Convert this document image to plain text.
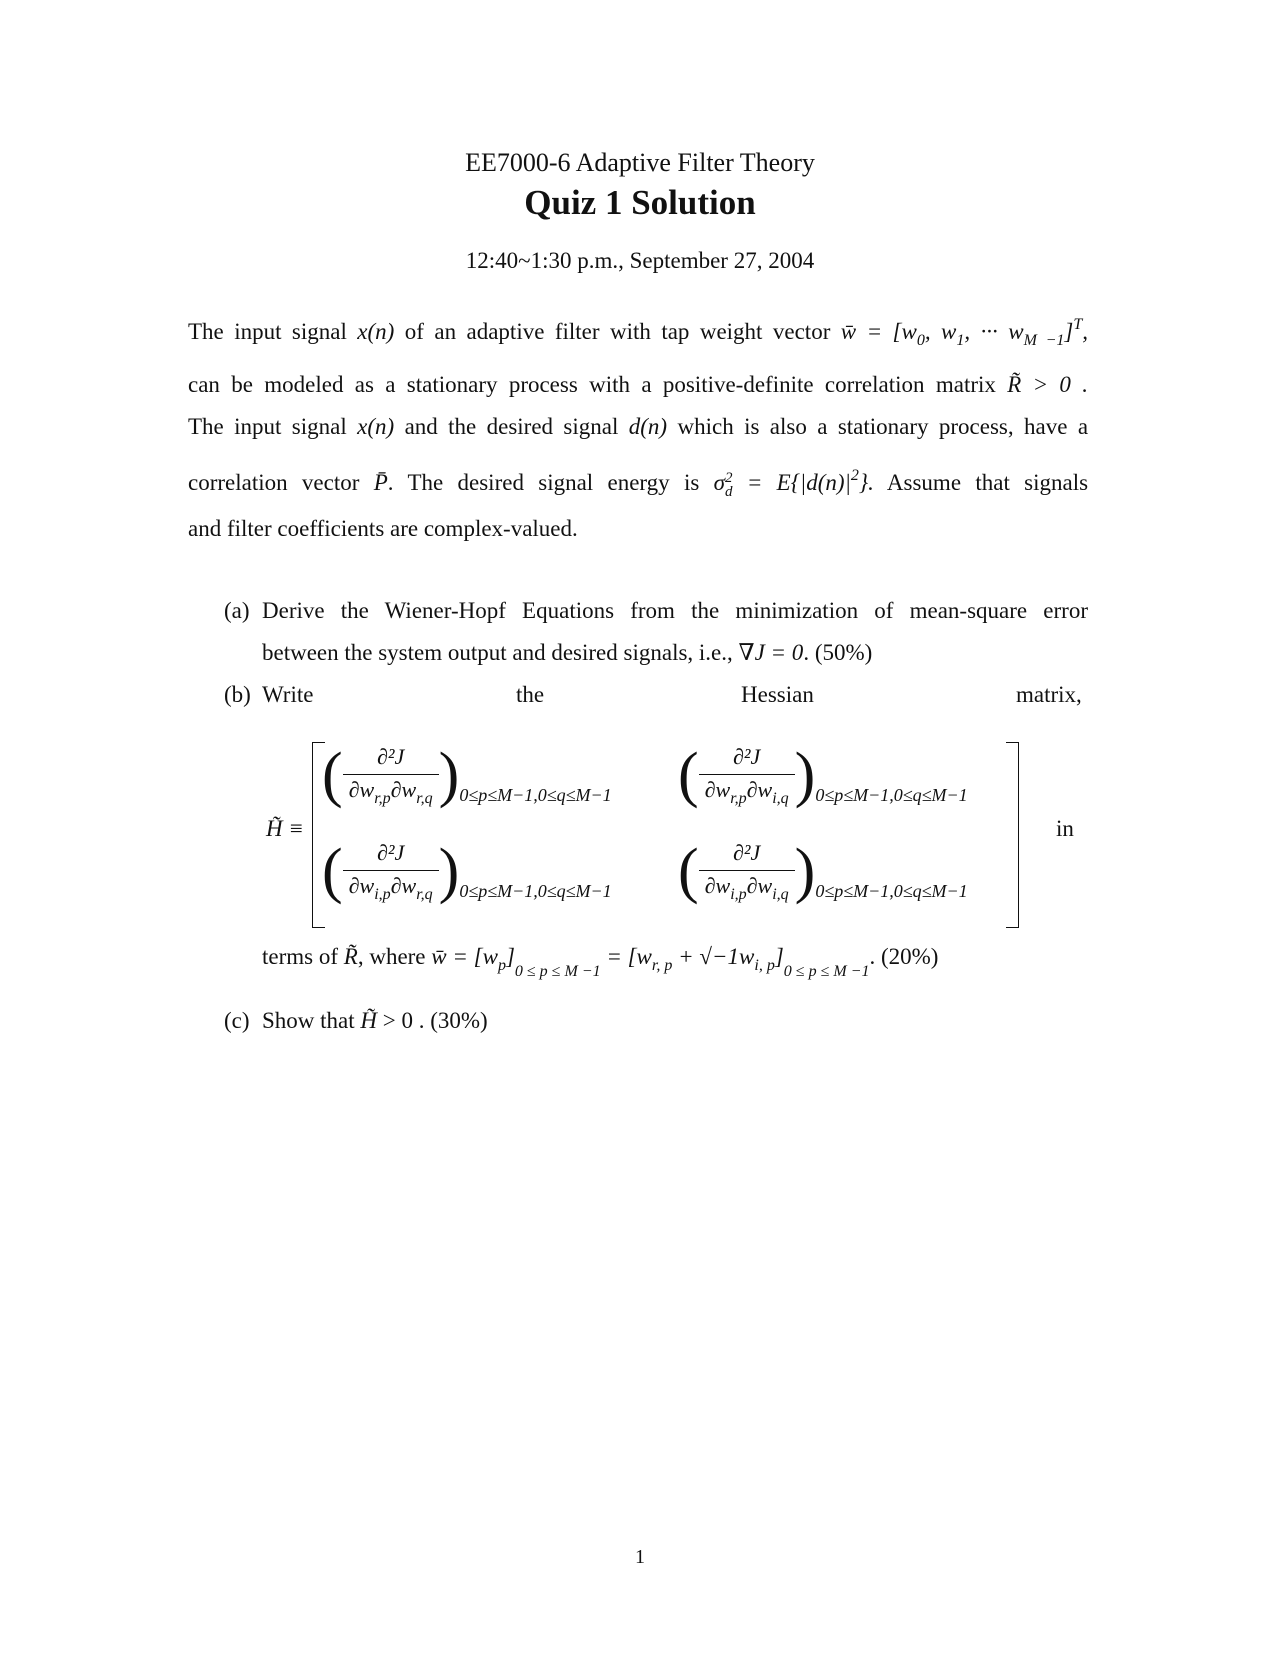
EE7000-6 Adaptive Filter Theory
Quiz 1 Solution
12:40~1:30 p.m., September 27, 2004
The input signal x(n) of an adaptive filter with tap weight vector w̄ = [$w_0$, $w_1$, ··· $w_{M -1}]^T$,
can be modeled as a stationary process with a positive-definite correlation matrix R̃ > 0 .
The input signal x(n) and the desired signal d(n) which is also a stationary process, have a
correlation vector P̄. The desired signal energy is σ 2
$d = E\{|d(n)|^2\}$. Assume that signals
and filter coefficients are complex-valued.
(a) Derive the Wiener-Hopf Equations from the minimization of mean-square error
between the system output and desired signals, i.e., ∇J = 0. (50%)
(b) Write	the	Hessian	matrix,
H̃ ≡
( $\frac{\text{∂²J}}{\partial w_{r,p}\partial w_{r,q}} )0\le p\le M-1,0\le q\le M-1$ ( $\frac{\text{∂²J}}{\partial w_{r,p}\partial w_{i,q}} )0\le p\le M-1,0\le q\le M-1$
( $\frac{\text{∂²J}}{\partial w_{i,p}\partial w_{r,q}} )0\le p\le M-1,0\le q\le M-1$ ( $\frac{\text{∂²J}}{\partial w_{i,p}\partial w_{i,q}} )0\le p\le M-1,0\le q\le M-1$
in
terms of R̃, where w̄ = $[w_p]_{0 \le p \le M -1} = [w_{r, p} + √-1w_{i, p}]_{0 \le p \le M -1}$. (20%)
(c) Show that H̃ > 0 . (30%)
1
